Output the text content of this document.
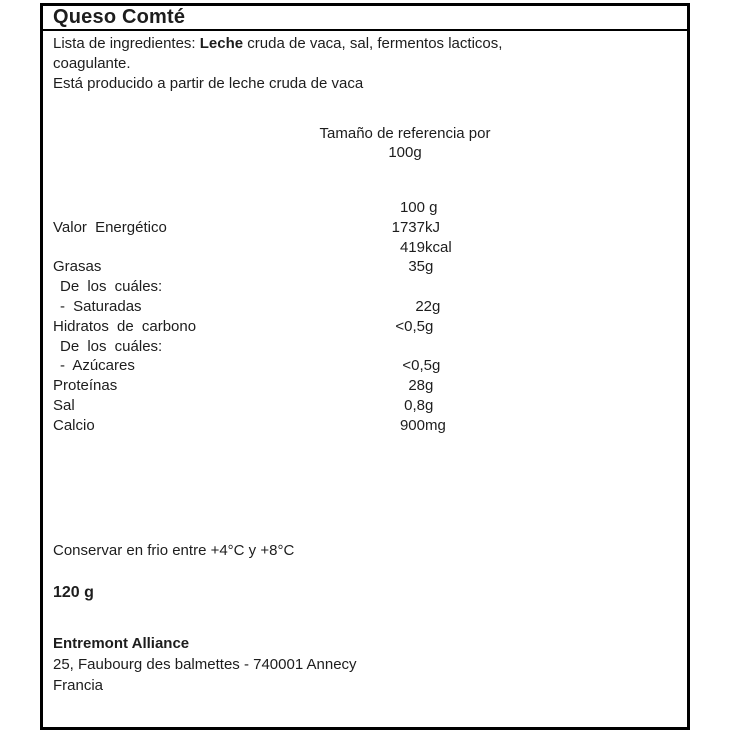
Queso Comté
Lista de ingredientes: Leche cruda de vaca, sal, fermentos lacticos,
coagulante.
Está producido a partir de leche cruda de vaca
Tamaño de referencia por
100g
100 g
Valor Energético	1737 kJ
419 kcal
Grasas	35 g
De los cuáles:
- Saturadas	22 g
Hidratos de carbono	<0,5 g
De los cuáles:
- Azúcares	<0,5 g
Proteínas	28 g
Sal	0,8 g
Calcio	900 mg
Conservar en frio entre +4°C y +8°C
120 g
Entremont Alliance
25, Faubourg des balmettes - 740001 Annecy
Francia
